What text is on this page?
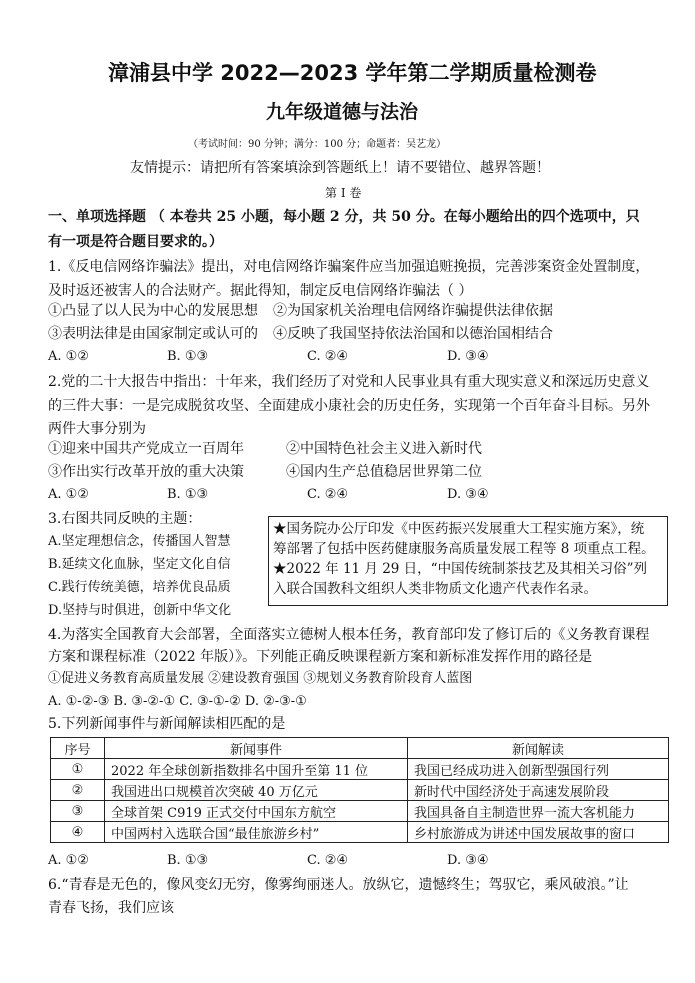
漳浦县中学 2022—2023 学年第二学期质量检测卷
九年级道德与法治
（考试时间：90 分钟；满分：100 分；命题者：吴艺龙）
友情提示：请把所有答案填涂到答题纸上！请不要错位、越界答题！
第 I 卷
一、单项选择题 （ 本卷共 25 小题，每小题 2 分，共 50 分。在每小题给出的四个选项中，只
有一项是符合题目要求的。）
1.《反电信网络诈骗法》提出，对电信网络诈骗案件应当加强追赃挽损，完善涉案资金处置制度，
及时返还被害人的合法财产。据此得知，制定反电信网络诈骗法（ ）
①凸显了以人民为中心的发展思想 ②为国家机关治理电信网络诈骗提供法律依据
③表明法律是由国家制定或认可的 ④反映了我国坚持依法治国和以德治国相结合
A. ①②	B. ①③	C. ②④	D. ③④
2.党的二十大报告中指出：十年来，我们经历了对党和人民事业具有重大现实意义和深远历史意义
的三件大事：一是完成脱贫攻坚、全面建成小康社会的历史任务，实现第一个百年奋斗目标。另外
两件大事分别为
①迎来中国共产党成立一百周年	②中国特色社会主义进入新时代
③作出实行改革开放的重大决策	④国内生产总值稳居世界第二位
A. ①②	B. ①③	C. ②④	D. ③④
3.右图共同反映的主题：
A.坚定理想信念，传播国人智慧
B.延续文化血脉，坚定文化自信
C.践行传统美德，培养优良品质
D.坚持与时俱进，创新中华文化

★国务院办公厅印发《中医药振兴发展重大工程实施方案》，统

筹部署了包括中医药健康服务高质量发展工程等 8 项重点工程。

★2022 年 11 月 29 日，“中国传统制茶技艺及其相关习俗”列

入联合国教科文组织人类非物质文化遗产代表作名录。

4.为落实全国教育大会部署，全面落实立德树人根本任务，教育部印发了修订后的《义务教育课程
方案和课程标准（2022 年版）》。下列能正确反映课程新方案和新标准发挥作用的路径是
①促进义务教育高质量发展 ②建设教育强国 ③规划义务教育阶段育人蓝图
A. ①-②-③ B. ③-②-① C. ③-①-② D. ②-③-①
5.下列新闻事件与新闻解读相匹配的是
序号	新闻事件	新闻解读
①	2022 年全球创新指数排名中国升至第 11 位	我国已经成功进入创新型强国行列
②	我国进出口规模首次突破 40 万亿元	新时代中国经济处于高速发展阶段
③	全球首架 C919 正式交付中国东方航空	我国具备自主制造世界一流大客机能力
④	中国两村入选联合国“最佳旅游乡村”	乡村旅游成为讲述中国发展故事的窗口
A. ①②	B. ①③	C. ②④	D. ③④
6.“青春是无色的，像风变幻无穷，像雾绚丽迷人。放纵它，遗憾终生；驾驭它，乘风破浪。”让
青春飞扬，我们应该
